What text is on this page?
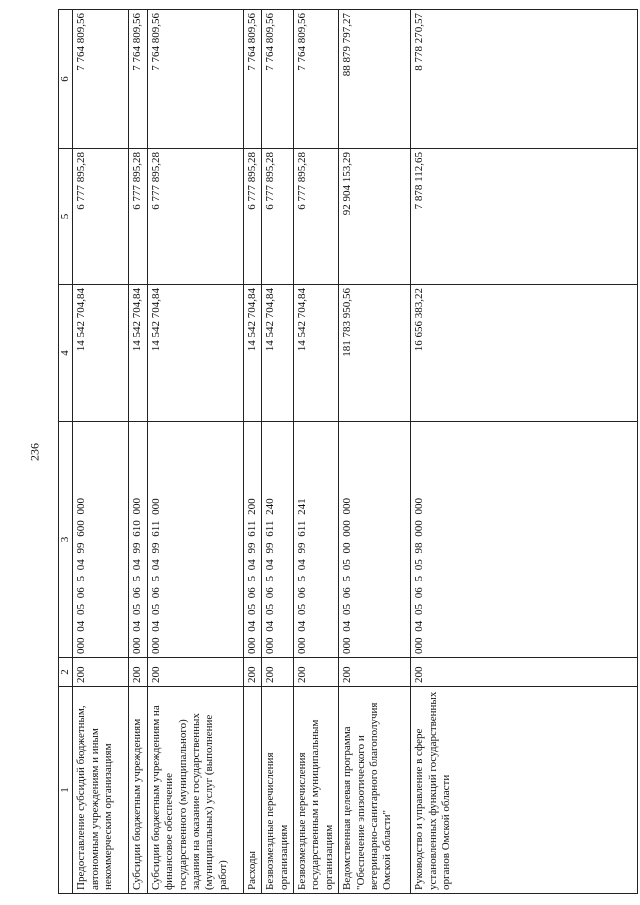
236
1	2	3	4	5	6
Предоставление субсидий бюджетным, автономным учреждениям и иным некоммерческим организациям	200	000 04 05 06 5 04 99 600 000	14 542 704,84	6 777 895,28	7 764 809,56
Субсидии бюджетным учреждениям	200	000 04 05 06 5 04 99 610 000	14 542 704,84	6 777 895,28	7 764 809,56
Субсидии бюджетным учреждениям на финансовое обеспечение государственного (муниципального) задания на оказание государственных (муниципальных) услуг (выполнение работ)	200	000 04 05 06 5 04 99 611 000	14 542 704,84	6 777 895,28	7 764 809,56
Расходы	200	000 04 05 06 5 04 99 611 200	14 542 704,84	6 777 895,28	7 764 809,56
Безвозмездные перечисления организациям	200	000 04 05 06 5 04 99 611 240	14 542 704,84	6 777 895,28	7 764 809,56
Безвозмездные перечисления государственным и муниципальным организациям	200	000 04 05 06 5 04 99 611 241	14 542 704,84	6 777 895,28	7 764 809,56
Ведомственная целевая программа "Обеспечение эпизоотического и ветеринарно-санитарного благополучия Омской области"	200	000 04 05 06 5 05 00 000 000	181 783 950,56	92 904 153,29	88 879 797,27
Руководство и управление в сфере установленных функций государственных органов Омской области	200	000 04 05 06 5 05 98 000 000	16 656 383,22	7 878 112,65	8 778 270,57
